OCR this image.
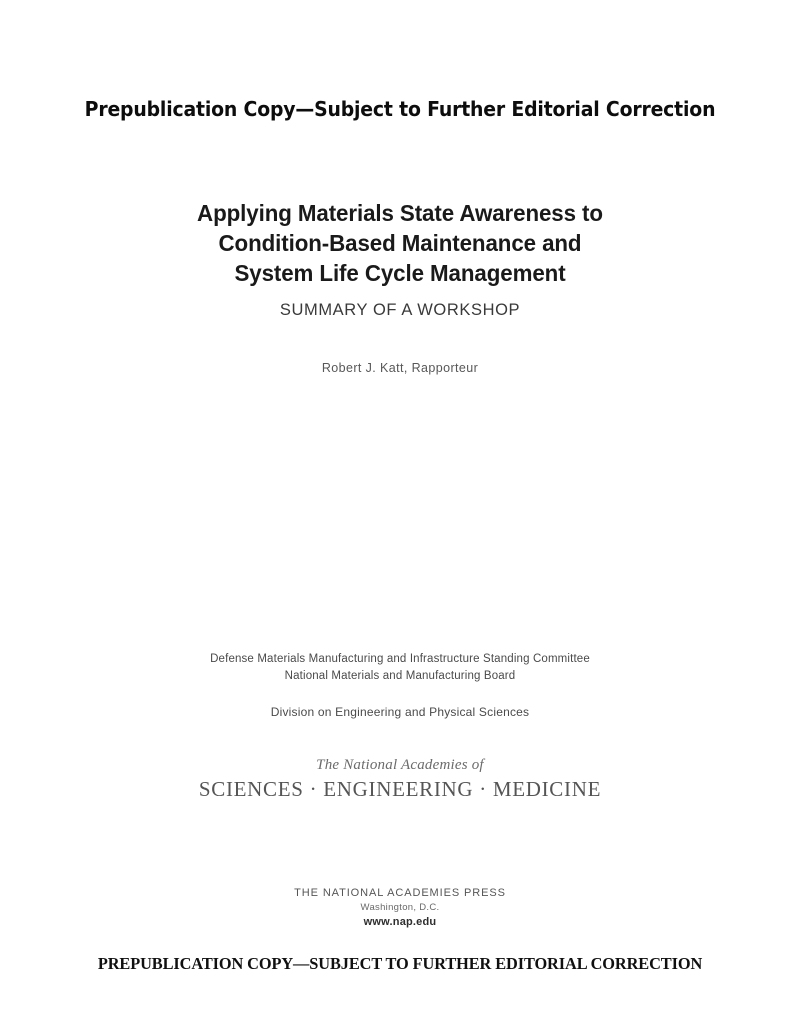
Prepublication Copy—Subject to Further Editorial Correction
Applying Materials State Awareness to
Condition-Based Maintenance and
System Life Cycle Management
SUMMARY OF A WORKSHOP
Robert J. Katt, Rapporteur
Defense Materials Manufacturing and Infrastructure Standing Committee
National Materials and Manufacturing Board
Division on Engineering and Physical Sciences
The National Academies of
SCIENCES · ENGINEERING · MEDICINE
THE NATIONAL ACADEMIES PRESS
Washington, D.C.
www.nap.edu
PREPUBLICATION COPY—SUBJECT TO FURTHER EDITORIAL CORRECTION
